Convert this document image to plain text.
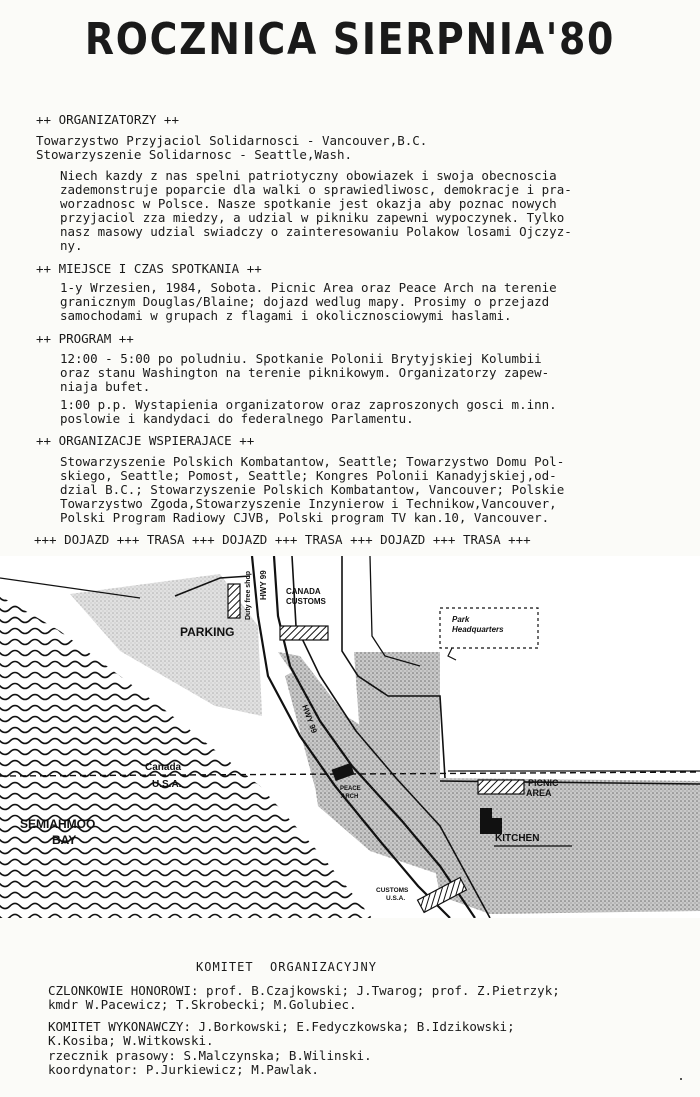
ROCZNICA SIERPNIA'80
++ ORGANIZATORZY ++
Towarzystwo Przyjaciol Solidarnosci - Vancouver,B.C.
Stowarzyszenie Solidarnosc - Seattle,Wash.
Niech kazdy z nas spelni patriotyczny obowiazek i swoja obecnoscia
zademonstruje poparcie dla walki o sprawiedliwosc, demokracje i pra-
worzadnosc w Polsce. Nasze spotkanie jest okazja aby poznac nowych
przyjaciol zza miedzy, a udzial w pikniku zapewni wypoczynek. Tylko
nasz masowy udzial swiadczy o zainteresowaniu Polakow losami Ojczyz-
ny.
++ MIEJSCE I CZAS SPOTKANIA ++
1-y Wrzesien, 1984, Sobota. Picnic Area oraz Peace Arch na terenie
granicznym Douglas/Blaine; dojazd wedlug mapy. Prosimy o przejazd
samochodami w grupach z flagami i okolicznosciowymi haslami.
++ PROGRAM ++
12:00 - 5:00 po poludniu. Spotkanie Polonii Brytyjskiej Kolumbii
oraz stanu Washington na terenie piknikowym. Organizatorzy zapew-
niaja bufet.
1:00 p.p. Wystapienia organizatorow oraz zaproszonych gosci m.inn.
poslowie i kandydaci do federalnego Parlamentu.
++ ORGANIZACJE WSPIERAJACE ++
Stowarzyszenie Polskich Kombatantow, Seattle; Towarzystwo Domu Pol-
skiego, Seattle; Pomost, Seattle; Kongres Polonii Kanadyjskiej,od-
dzial B.C.; Stowarzyszenie Polskich Kombatantow, Vancouver; Polskie
Towarzystwo Zgoda,Stowarzyszenie Inzynierow i Technikow,Vancouver,
Polski Program Radiowy CJVB, Polski program TV kan.10, Vancouver.
+++ DOJAZD +++ TRASA +++ DOJAZD +++ TRASA +++ DOJAZD +++ TRASA +++
Duty free shop HWY 99 CANADA
CUSTOMS
PARKING
Park
Headquarters
HWY 99
Canada
U.S.A.
SEMIAHMOO
BAY
PEACE
ARCH
PICNIC
AREA
KITCHEN
CUSTOMS
U.S.A.
KOMITET  ORGANIZACYJNY
CZLONKOWIE HONOROWI: prof. B.Czajkowski; J.Twarog; prof. Z.Pietrzyk;
kmdr W.Pacewicz; T.Skrobecki; M.Golubiec.
KOMITET WYKONAWCZY: J.Borkowski; E.Fedyczkowska; B.Idzikowski;
K.Kosiba; W.Witkowski.
rzecznik prasowy: S.Malczynska; B.Wilinski.
koordynator: P.Jurkiewicz; M.Pawlak.
